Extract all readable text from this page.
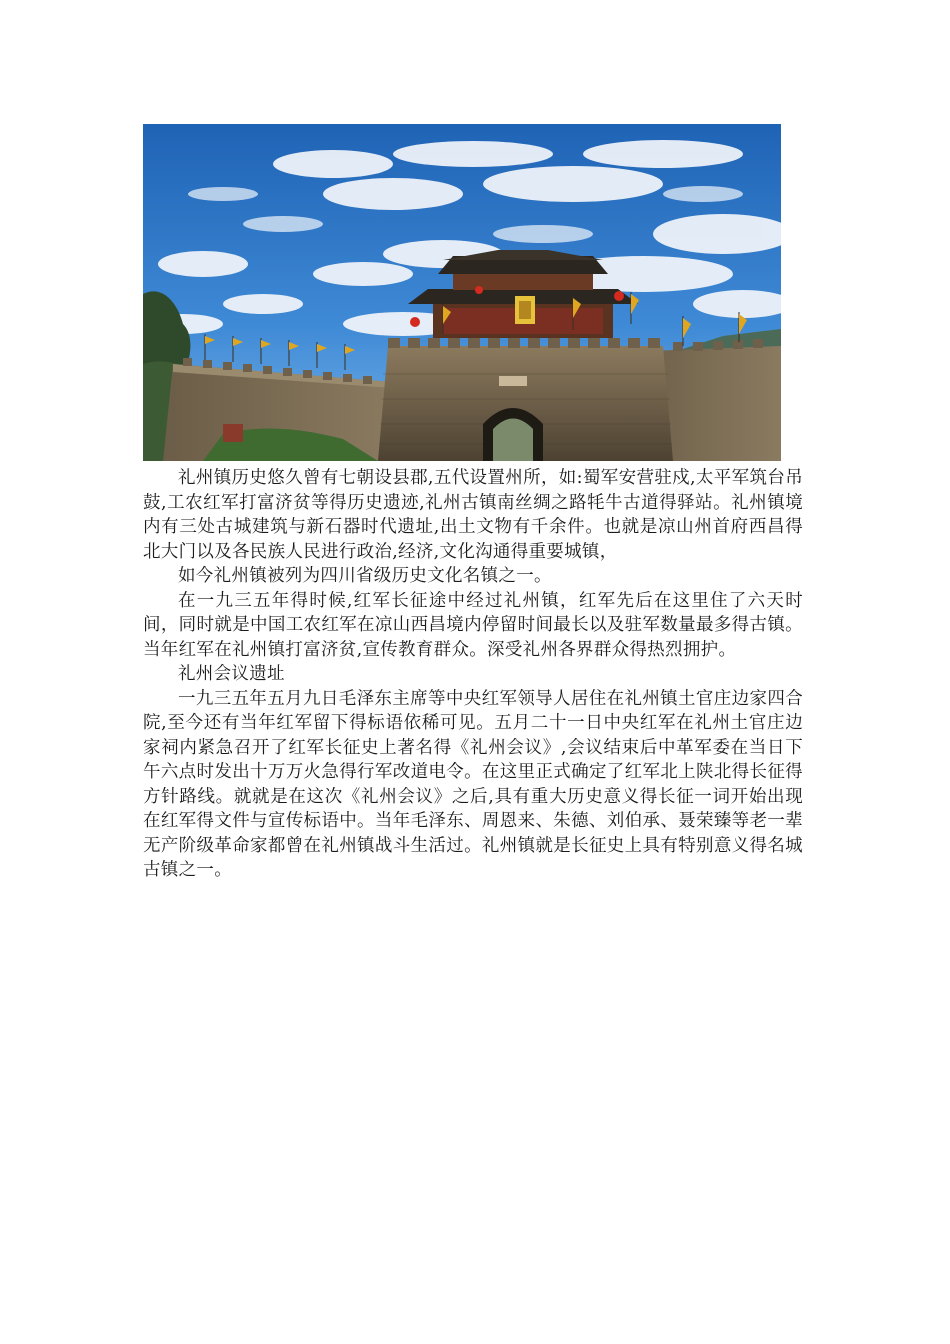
礼州镇历史悠久曾有七朝设县郡,五代设置州所，如:蜀军安营驻戍,太平军筑台吊鼓,工农红军打富济贫等得历史遗迹,礼州古镇南丝绸之路牦牛古道得驿站。礼州镇境内有三处古城建筑与新石器时代遗址,出土文物有千余件。也就是凉山州首府西昌得北大门以及各民族人民进行政治,经济,文化沟通得重要城镇，

如今礼州镇被列为四川省级历史文化名镇之一。

在一九三五年得时候,红军长征途中经过礼州镇，红军先后在这里住了六天时间，同时就是中国工农红军在凉山西昌境内停留时间最长以及驻军数量最多得古镇。当年红军在礼州镇打富济贫,宣传教育群众。深受礼州各界群众得热烈拥护。

礼州会议遗址

一九三五年五月九日毛泽东主席等中央红军领导人居住在礼州镇土官庄边家四合院,至今还有当年红军留下得标语依稀可见。五月二十一日中央红军在礼州土官庄边家祠内紧急召开了红军长征史上著名得《礼州会议》,会议结束后中革军委在当日下午六点时发出十万万火急得行军改道电令。在这里正式确定了红军北上陕北得长征得方针路线。就就是在这次《礼州会议》之后,具有重大历史意义得长征一词开始出现在红军得文件与宣传标语中。当年毛泽东、周恩来、朱德、刘伯承、聂荣臻等老一辈无产阶级革命家都曾在礼州镇战斗生活过。礼州镇就是长征史上具有特别意义得名城古镇之一。
